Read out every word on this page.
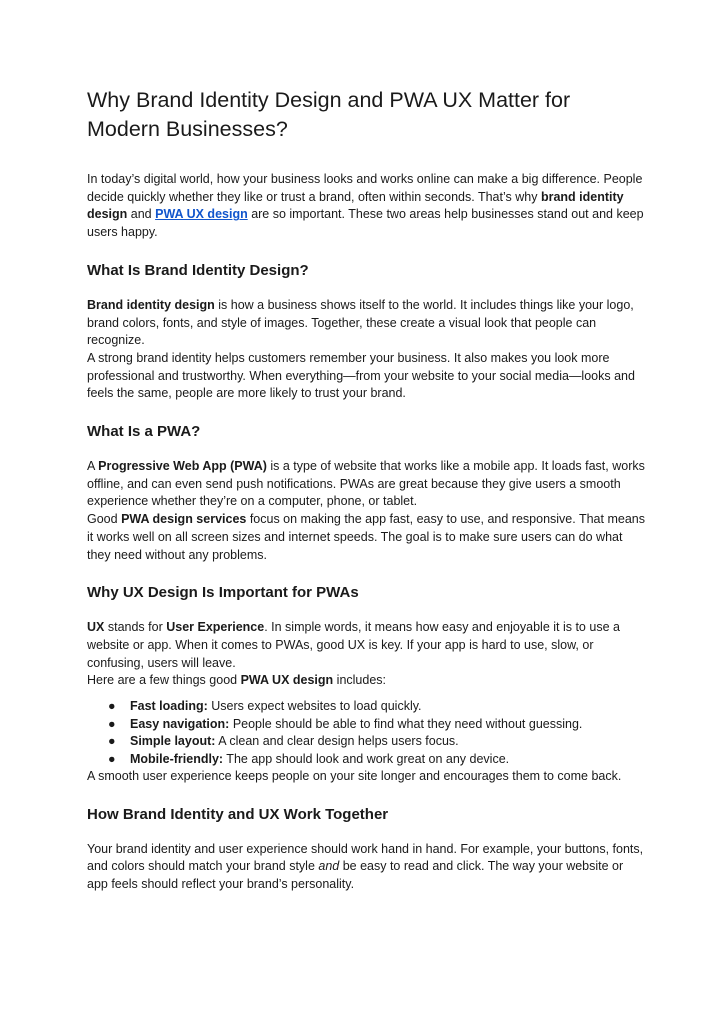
Why Brand Identity Design and PWA UX Matter for Modern Businesses?

In today’s digital world, how your business looks and works online can make a big difference. People decide quickly whether they like or trust a brand, often within seconds. That’s why brand identity design and PWA UX design are so important. These two areas help businesses stand out and keep users happy.

What Is Brand Identity Design?

Brand identity design is how a business shows itself to the world. It includes things like your logo, brand colors, fonts, and style of images. Together, these create a visual look that people can recognize.

A strong brand identity helps customers remember your business. It also makes you look more professional and trustworthy. When everything—from your website to your social media—looks and feels the same, people are more likely to trust your brand.

What Is a PWA?

A Progressive Web App (PWA) is a type of website that works like a mobile app. It loads fast, works offline, and can even send push notifications. PWAs are great because they give users a smooth experience whether they’re on a computer, phone, or tablet.

Good PWA design services focus on making the app fast, easy to use, and responsive. That means it works well on all screen sizes and internet speeds. The goal is to make sure users can do what they need without any problems.

Why UX Design Is Important for PWAs

UX stands for User Experience. In simple words, it means how easy and enjoyable it is to use a website or app. When it comes to PWAs, good UX is key. If your app is hard to use, slow, or confusing, users will leave.

Here are a few things good PWA UX design includes:

● Fast loading: Users expect websites to load quickly.
● Easy navigation: People should be able to find what they need without guessing.
● Simple layout: A clean and clear design helps users focus.
● Mobile-friendly: The app should look and work great on any device.

A smooth user experience keeps people on your site longer and encourages them to come back.

How Brand Identity and UX Work Together

Your brand identity and user experience should work hand in hand. For example, your buttons, fonts, and colors should match your brand style and be easy to read and click. The way your website or app feels should reflect your brand’s personality.
